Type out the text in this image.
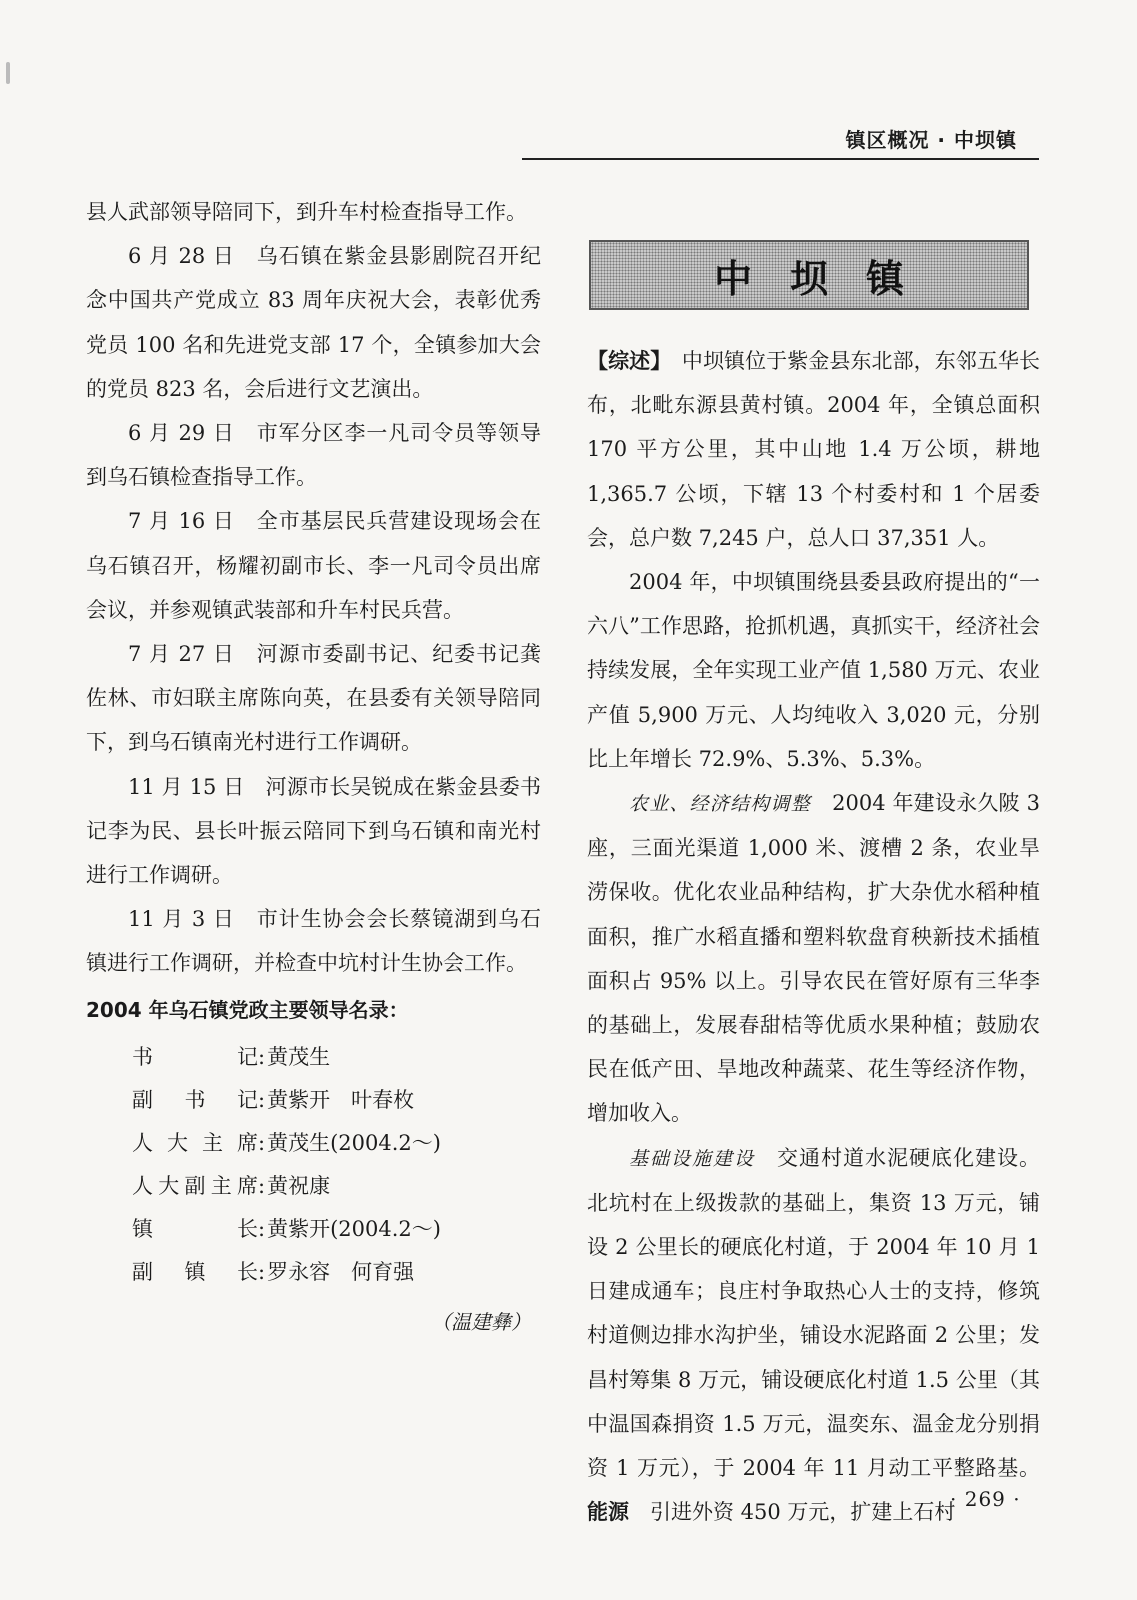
镇区概况 · 中坝镇

县人武部领导陪同下，到升车村检查指导工作。

6 月 28 日　乌石镇在紫金县影剧院召开纪念中国共产党成立 83 周年庆祝大会，表彰优秀党员 100 名和先进党支部 17 个，全镇参加大会的党员 823 名，会后进行文艺演出。

6 月 29 日　市军分区李一凡司令员等领导到乌石镇检查指导工作。

7 月 16 日　全市基层民兵营建设现场会在乌石镇召开，杨耀初副市长、李一凡司令员出席会议，并参观镇武装部和升车村民兵营。

7 月 27 日　河源市委副书记、纪委书记龚佐林、市妇联主席陈向英，在县委有关领导陪同下，到乌石镇南光村进行工作调研。

11 月 15 日　河源市长吴锐成在紫金县委书记李为民、县长叶振云陪同下到乌石镇和南光村进行工作调研。

11 月 3 日　市计生协会会长蔡镜湖到乌石镇进行工作调研，并检查中坑村计生协会工作。

2004 年乌石镇党政主要领导名录：

书记 : 黄茂生
副书记 : 黄紫开　叶春枚
人大主席 : 黄茂生(2004.2～)
人大副主席 : 黄祝康
镇长 : 黄紫开(2004.2～)
副镇长 : 罗永容　何育强

（温建彝）

中坝镇

【综述】　 中坝镇位于紫金县东北部，东邻五华长布，北毗东源县黄村镇。2004 年，全镇总面积 170 平方公里，其中山地 1.4 万公顷，耕地 1,365.7 公顷，下辖 13 个村委村和 1 个居委会，总户数 7,245 户，总人口 37,351 人。

2004 年，中坝镇围绕县委县政府提出的“一六八”工作思路，抢抓机遇，真抓实干，经济社会持续发展，全年实现工业产值 1,580 万元、农业产值 5,900 万元、人均纯收入 3,020 元，分别比上年增长 72.9%、5.3%、5.3%。

农业、经济结构调整　 2004 年建设永久陂 3 座，三面光渠道 1,000 米、渡槽 2 条，农业旱涝保收。优化农业品种结构，扩大杂优水稻种植面积，推广水稻直播和塑料软盘育秧新技术插植面积占 95% 以上。引导农民在管好原有三华李的基础上，发展春甜桔等优质水果种植；鼓励农民在低产田、旱地改种蔬菜、花生等经济作物，增加收入。

基础设施建设　 交通村道水泥硬底化建设。北坑村在上级拨款的基础上，集资 13 万元，铺设 2 公里长的硬底化村道，于 2004 年 10 月 1 日建成通车；良庄村争取热心人士的支持，修筑村道侧边排水沟护坐，铺设水泥路面 2 公里；发昌村筹集 8 万元，铺设硬底化村道 1.5 公里（其中温国森捐资 1.5 万元，温奕东、温金龙分别捐资 1 万元），于 2004 年 11 月动工平整路基。能源　 引进外资 450 万元，扩建上石村

· 269 ·
